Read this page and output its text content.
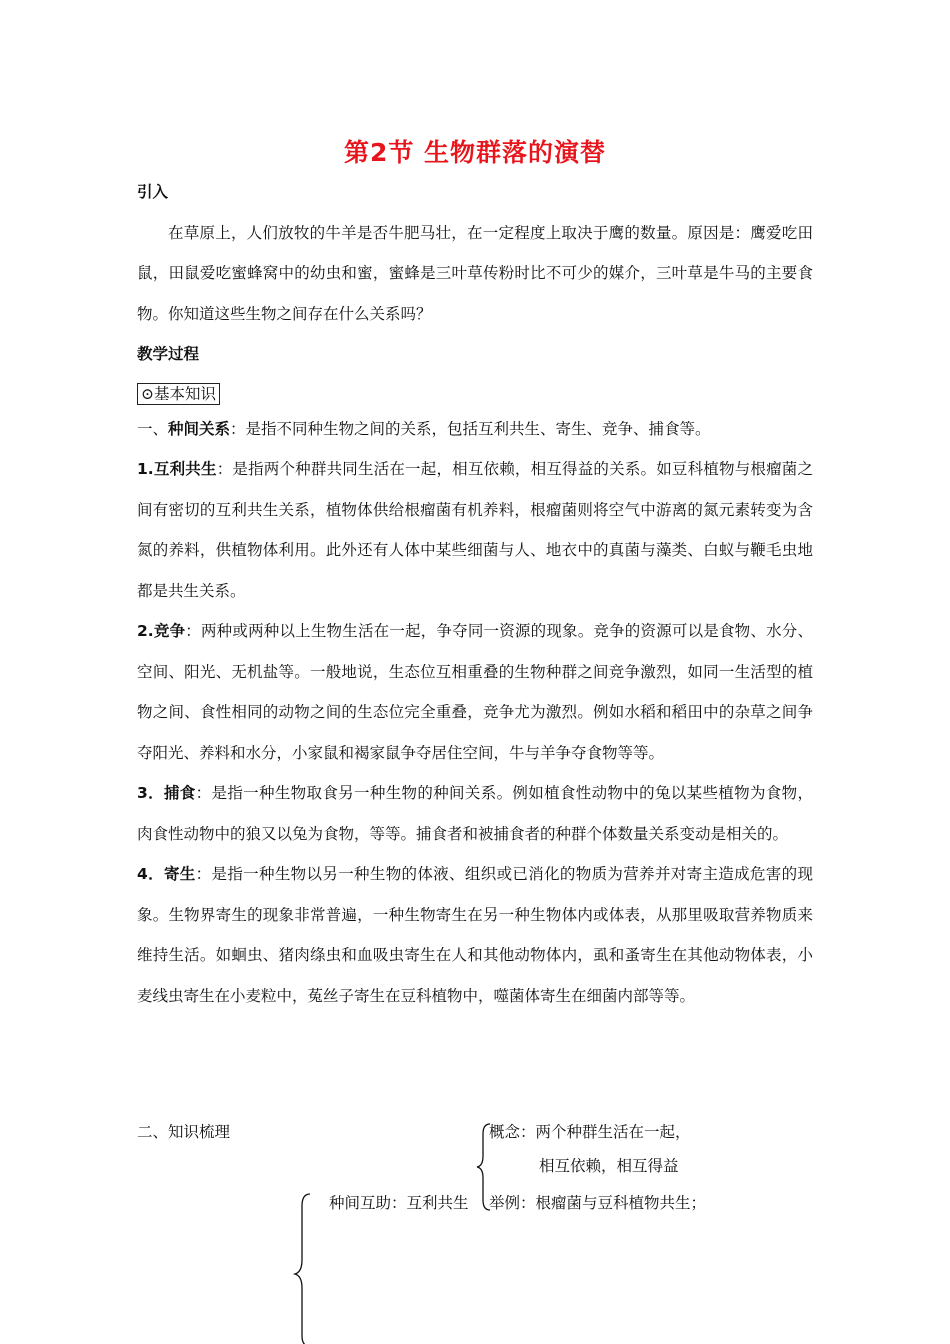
第2节 生物群落的演替

引入

在草原上，人们放牧的牛羊是否牛肥马壮，在一定程度上取决于鹰的数量。原因是：鹰爱吃田鼠，田鼠爱吃蜜蜂窝中的幼虫和蜜，蜜蜂是三叶草传粉时比不可少的媒介，三叶草是牛马的主要食物。你知道这些生物之间存在什么关系吗？

教学过程

⊙基本知识

一、种间关系：是指不同种生物之间的关系，包括互利共生、寄生、竞争、捕食等。

1.互利共生：是指两个种群共同生活在一起，相互依赖，相互得益的关系。如豆科植物与根瘤菌之间有密切的互利共生关系，植物体供给根瘤菌有机养料，根瘤菌则将空气中游离的氮元素转变为含氮的养料，供植物体利用。此外还有人体中某些细菌与人、地衣中的真菌与藻类、白蚁与鞭毛虫地都是共生关系。

2.竞争：两种或两种以上生物生活在一起，争夺同一资源的现象。竞争的资源可以是食物、水分、空间、阳光、无机盐等。一般地说，生态位互相重叠的生物种群之间竞争激烈，如同一生活型的植物之间、食性相同的动物之间的生态位完全重叠，竞争尤为激烈。例如水稻和稻田中的杂草之间争夺阳光、养料和水分，小家鼠和褐家鼠争夺居住空间，牛与羊争夺食物等等。

3．捕食：是指一种生物取食另一种生物的种间关系。例如植食性动物中的兔以某些植物为食物，肉食性动物中的狼又以兔为食物，等等。捕食者和被捕食者的种群个体数量关系变动是相关的。

4．寄生：是指一种生物以另一种生物的体液、组织或已消化的物质为营养并对寄主造成危害的现象。生物界寄生的现象非常普遍，一种生物寄生在另一种生物体内或体表，从那里吸取营养物质来维持生活。如蛔虫、猪肉绦虫和血吸虫寄生在人和其他动物体内，虱和蚤寄生在其他动物体表，小麦线虫寄生在小麦粒中，菟丝子寄生在豆科植物中，噬菌体寄生在细菌内部等等。

二、知识梳理	概念：两个种群生活在一起，
相互依赖，相互得益
种间互助：互利共生 举例：根瘤菌与豆科植物共生；
